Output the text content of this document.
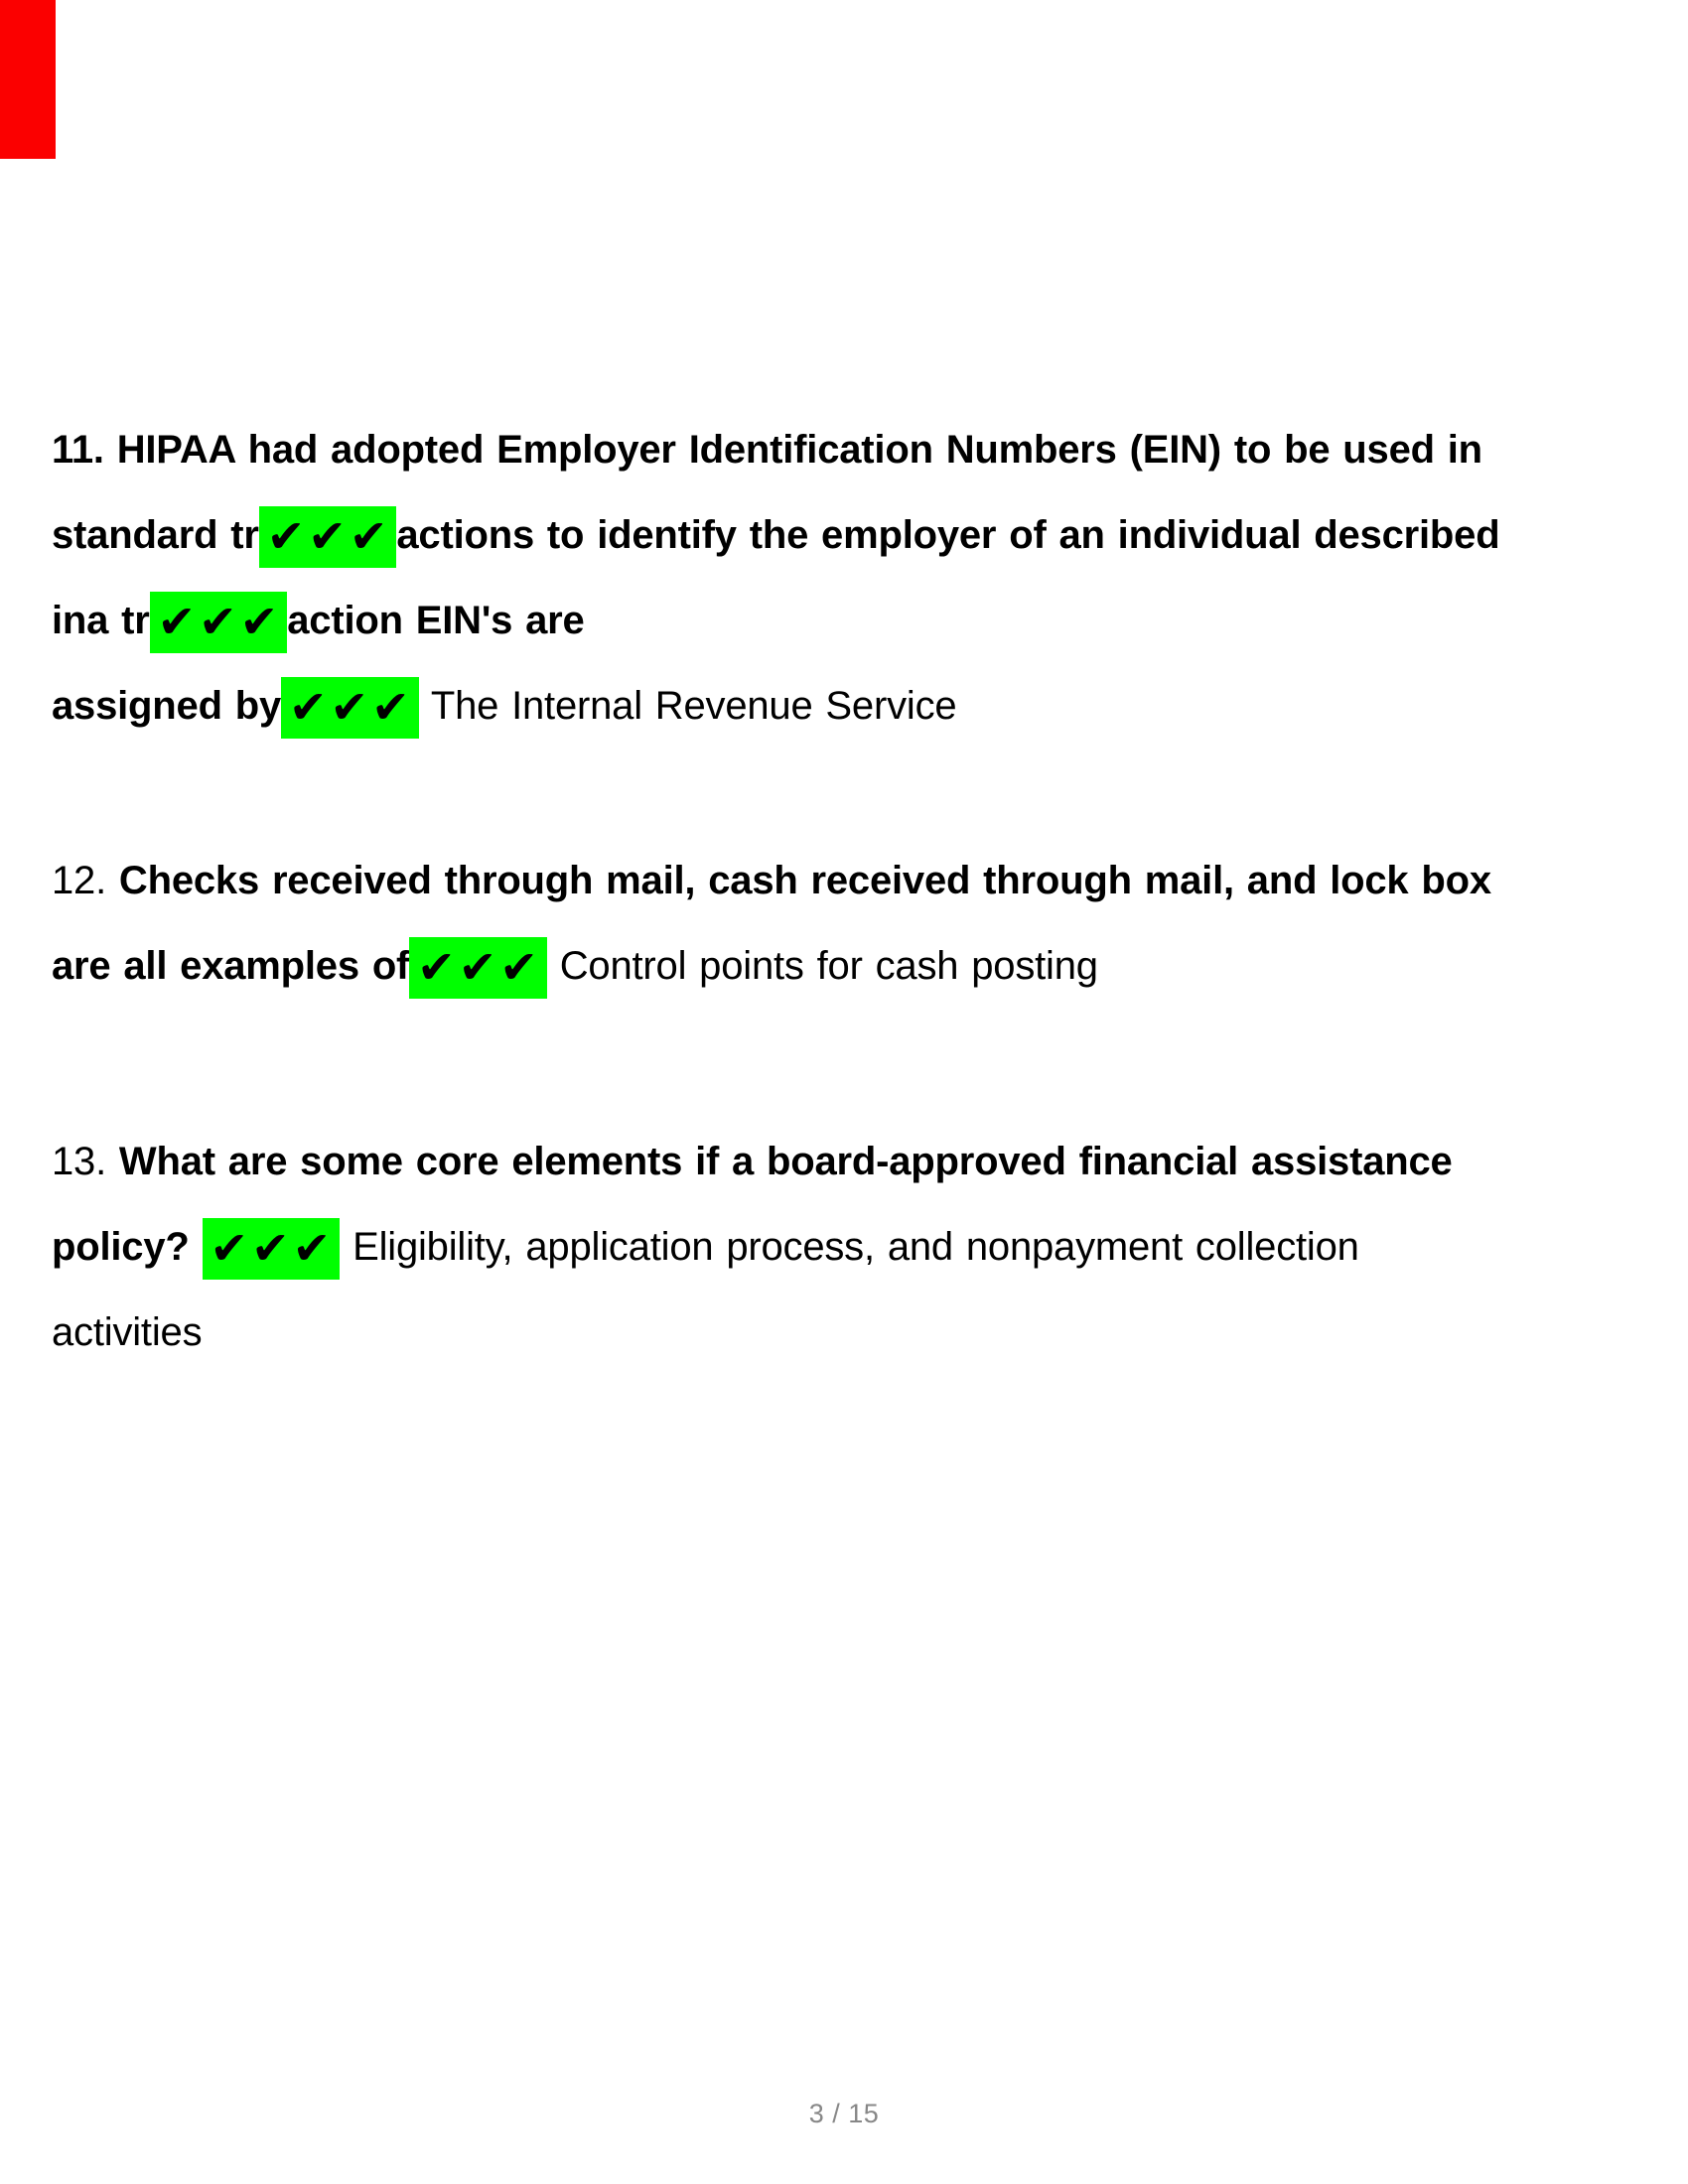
11. HIPAA had adopted Employer Identification Numbers (EIN) to be used in
standard tr ✔✔✔ actions to identify the employer of an individual described
ina tr ✔✔✔ action EIN's are
assigned by ✔✔✔ The Internal Revenue Service
12. Checks received through mail, cash received through mail, and lock box
are all examples of ✔✔✔ Control points for cash posting
13. What are some core elements if a board-approved financial assistance
policy? ✔✔✔ Eligibility, application process, and nonpayment collection
activities
3 / 15
